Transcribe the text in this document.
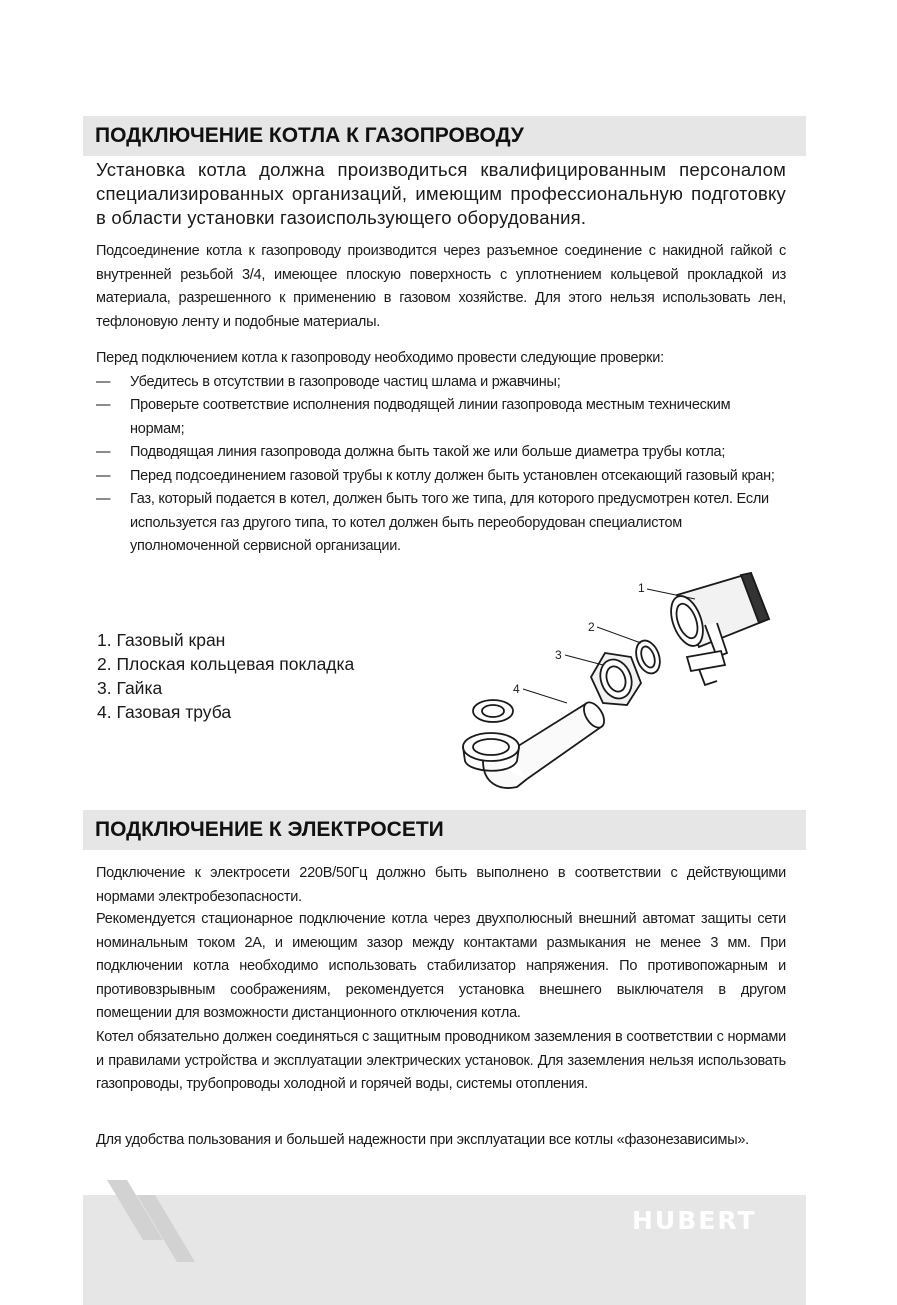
ПОДКЛЮЧЕНИЕ КОТЛА К ГАЗОПРОВОДУ

Установка котла должна производиться квалифицированным персоналом специализированных организаций, имеющим профессиональную подготовку в области установки газоиспользующего оборудования.

Подсоединение котла к газопроводу производится через разъемное соединение с накидной гайкой с внутренней резьбой 3/4, имеющее плоскую поверхность с уплотнением кольцевой прокладкой из материала, разрешенного к применению в газовом хозяйстве. Для этого нельзя использовать лен, тефлоновую ленту и подобные материалы.

Перед подключением котла к газопроводу необходимо провести следующие проверки:

— Убедитесь в отсутствии в газопроводе частиц шлама и ржавчины;
— Проверьте соответствие исполнения подводящей линии газопровода местным техническим нормам;
— Подводящая линия газопровода должна быть такой же или больше диаметра трубы котла;
— Перед подсоединением газовой трубы к котлу должен быть установлен отсекающий газовый кран;
— Газ, который подается в котел, должен быть того же типа, для которого предусмотрен котел. Если используется газ другого типа, то котел должен быть переоборудован специалистом уполномоченной сервисной организации.
1. Газовый кран
2. Плоская кольцевая покладка
3. Гайка
4. Газовая труба
1
2
3
4
ПОДКЛЮЧЕНИЕ К ЭЛЕКТРОСЕТИ

Подключение к электросети 220В/50Гц должно быть выполнено в соответствии с действующими нормами электробезопасности.

Рекомендуется стационарное подключение котла через двухполюсный внешний автомат защиты сети номинальным током 2А, и имеющим зазор между контактами размыкания не менее 3 мм. При подключении котла необходимо использовать стабилизатор напряжения. По противопожарным и противовзрывным соображениям, рекомендуется установка внешнего выключателя в другом помещении для возможности дистанционного отключения котла.

Котел обязательно должен соединяться с защитным проводником заземления в соответствии с нормами и правилами устройства и эксплуатации электрических установок. Для заземления нельзя использовать газопроводы, трубопроводы холодной и горячей воды, системы отопления.

Для удобства пользования и большей надежности при эксплуатации все котлы «фазонезависимы».

HUBERT
